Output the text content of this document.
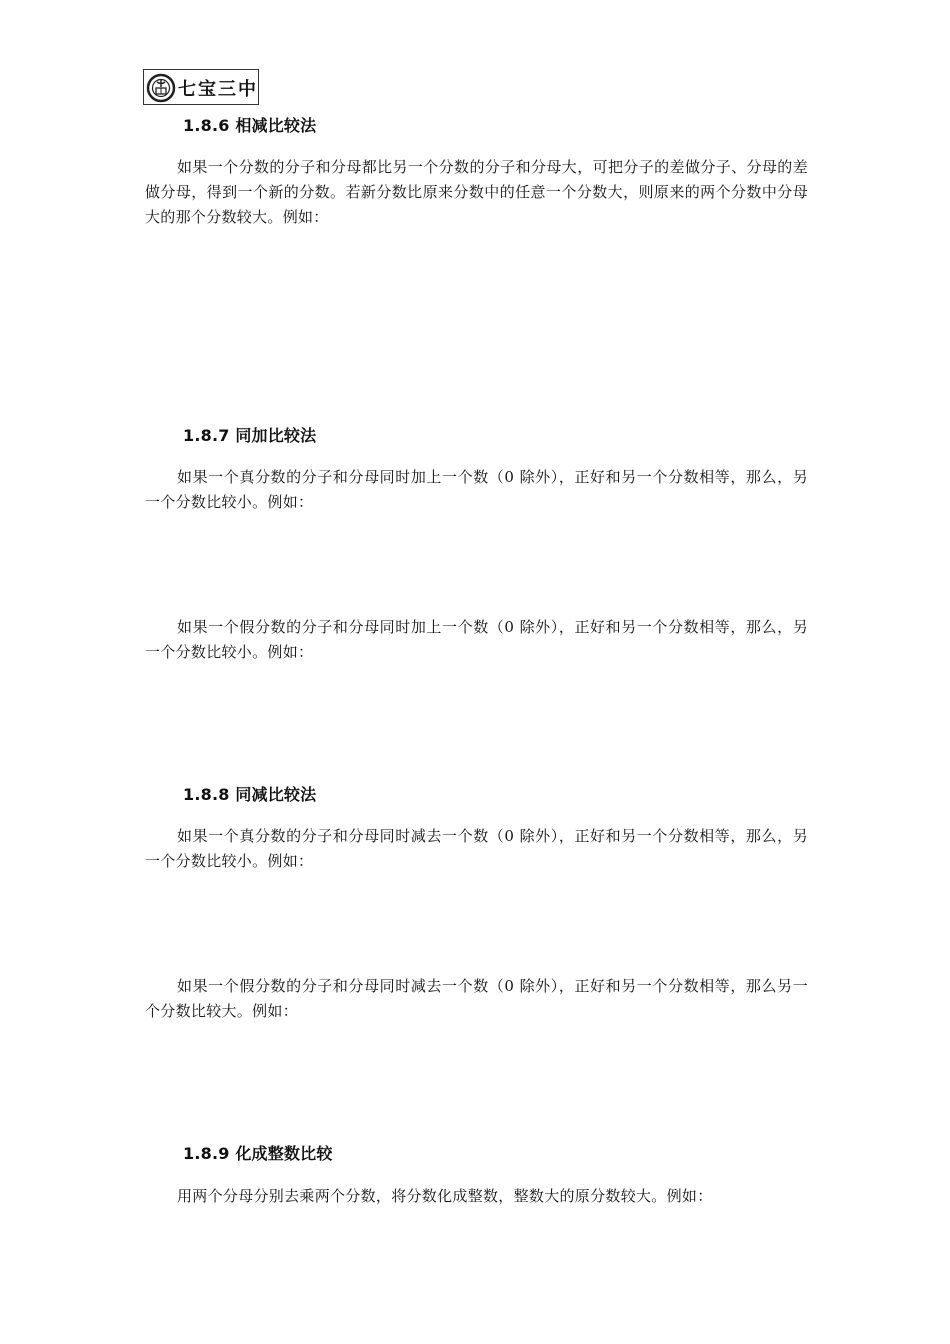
七宝三中
1.8.6 相减比较法
如果一个分数的分子和分母都比另一个分数的分子和分母大，可把分子的差做分子、分母的差做分母，得到一个新的分数。若新分数比原来分数中的任意一个分数大，则原来的两个分数中分母大的那个分数较大。例如：
1.8.7 同加比较法
如果一个真分数的分子和分母同时加上一个数（0 除外），正好和另一个分数相等，那么，另一个分数比较小。例如：
如果一个假分数的分子和分母同时加上一个数（0 除外），正好和另一个分数相等，那么，另一个分数比较小。例如：
1.8.8 同减比较法
如果一个真分数的分子和分母同时减去一个数（0 除外），正好和另一个分数相等，那么，另一个分数比较小。例如：
如果一个假分数的分子和分母同时减去一个数（0 除外），正好和另一个分数相等，那么另一个分数比较大。例如：
1.8.9 化成整数比较
用两个分母分别去乘两个分数，将分数化成整数，整数大的原分数较大。例如：
